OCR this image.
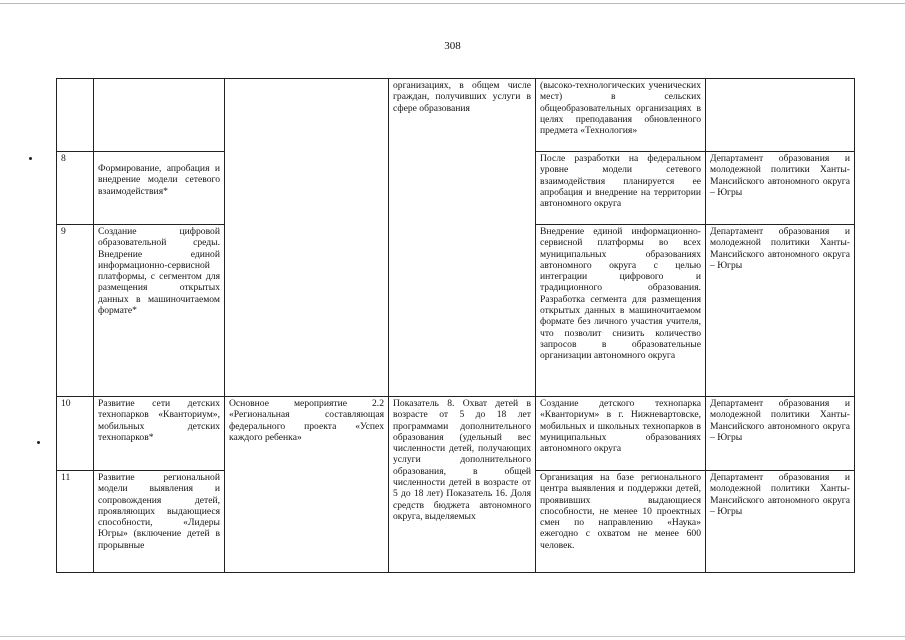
308
			организациях, в общем числе граждан, получивших услуги в сфере образования	(высоко-технологических ученических мест) в сельских общеобразовательных организациях в целях преподавания обновленного предмета «Технология»	
8	Формирование, апробация и внедрение модели сетевого взаимодействия*			После разработки на федеральном уровне модели сетевого взаимодействия планируется ее апробация и внедрение на территории автономного округа	Департамент образования и молодежной политики Ханты-Мансийского автономного округа – Югры
9	Создание цифровой образовательной среды. Внедрение единой информационно-сервисной платформы, с сегментом для размещения открытых данных в машиночитаемом формате*			Внедрение единой информационно-сервисной платформы во всех муниципальных образованиях автономного округа с целью интеграции цифрового и традиционного образования. Разработка сегмента для размещения открытых данных в машиночитаемом формате без личного участия учителя, что позволит снизить количество запросов в образовательные организации автономного округа	Департамент образования и молодежной политики Ханты-Мансийского автономного округа – Югры
10	Развитие сети детских технопарков «Кванториум», мобильных детских технопарков*	Основное мероприятие 2.2 «Региональная составляющая федерального проекта «Успех каждого ребенка»	Показатель 8. Охват детей в возрасте от 5 до 18 лет программами дополнительного образования (удельный вес численности детей, получающих услуги дополнительного образования, в общей численности детей в возрасте от 5 до 18 лет) Показатель 16. Доля средств бюджета автономного округа, выделяемых	Создание детского технопарка «Кванториум» в г. Нижневартовске, мобильных и школьных технопарков в муниципальных образованиях автономного округа	Департамент образования и молодежной политики Ханты-Мансийского автономного округа – Югры
11	Развитие региональной модели выявления и сопровождения детей, проявляющих выдающиеся способности, «Лидеры Югры» (включение детей в прорывные			Организация на базе регионального центра выявления и поддержки детей, проявивших выдающиеся способности, не менее 10 проектных смен по направлению «Наука» ежегодно с охватом не менее 600 человек.	Департамент образования и молодежной политики Ханты-Мансийского автономного округа – Югры
